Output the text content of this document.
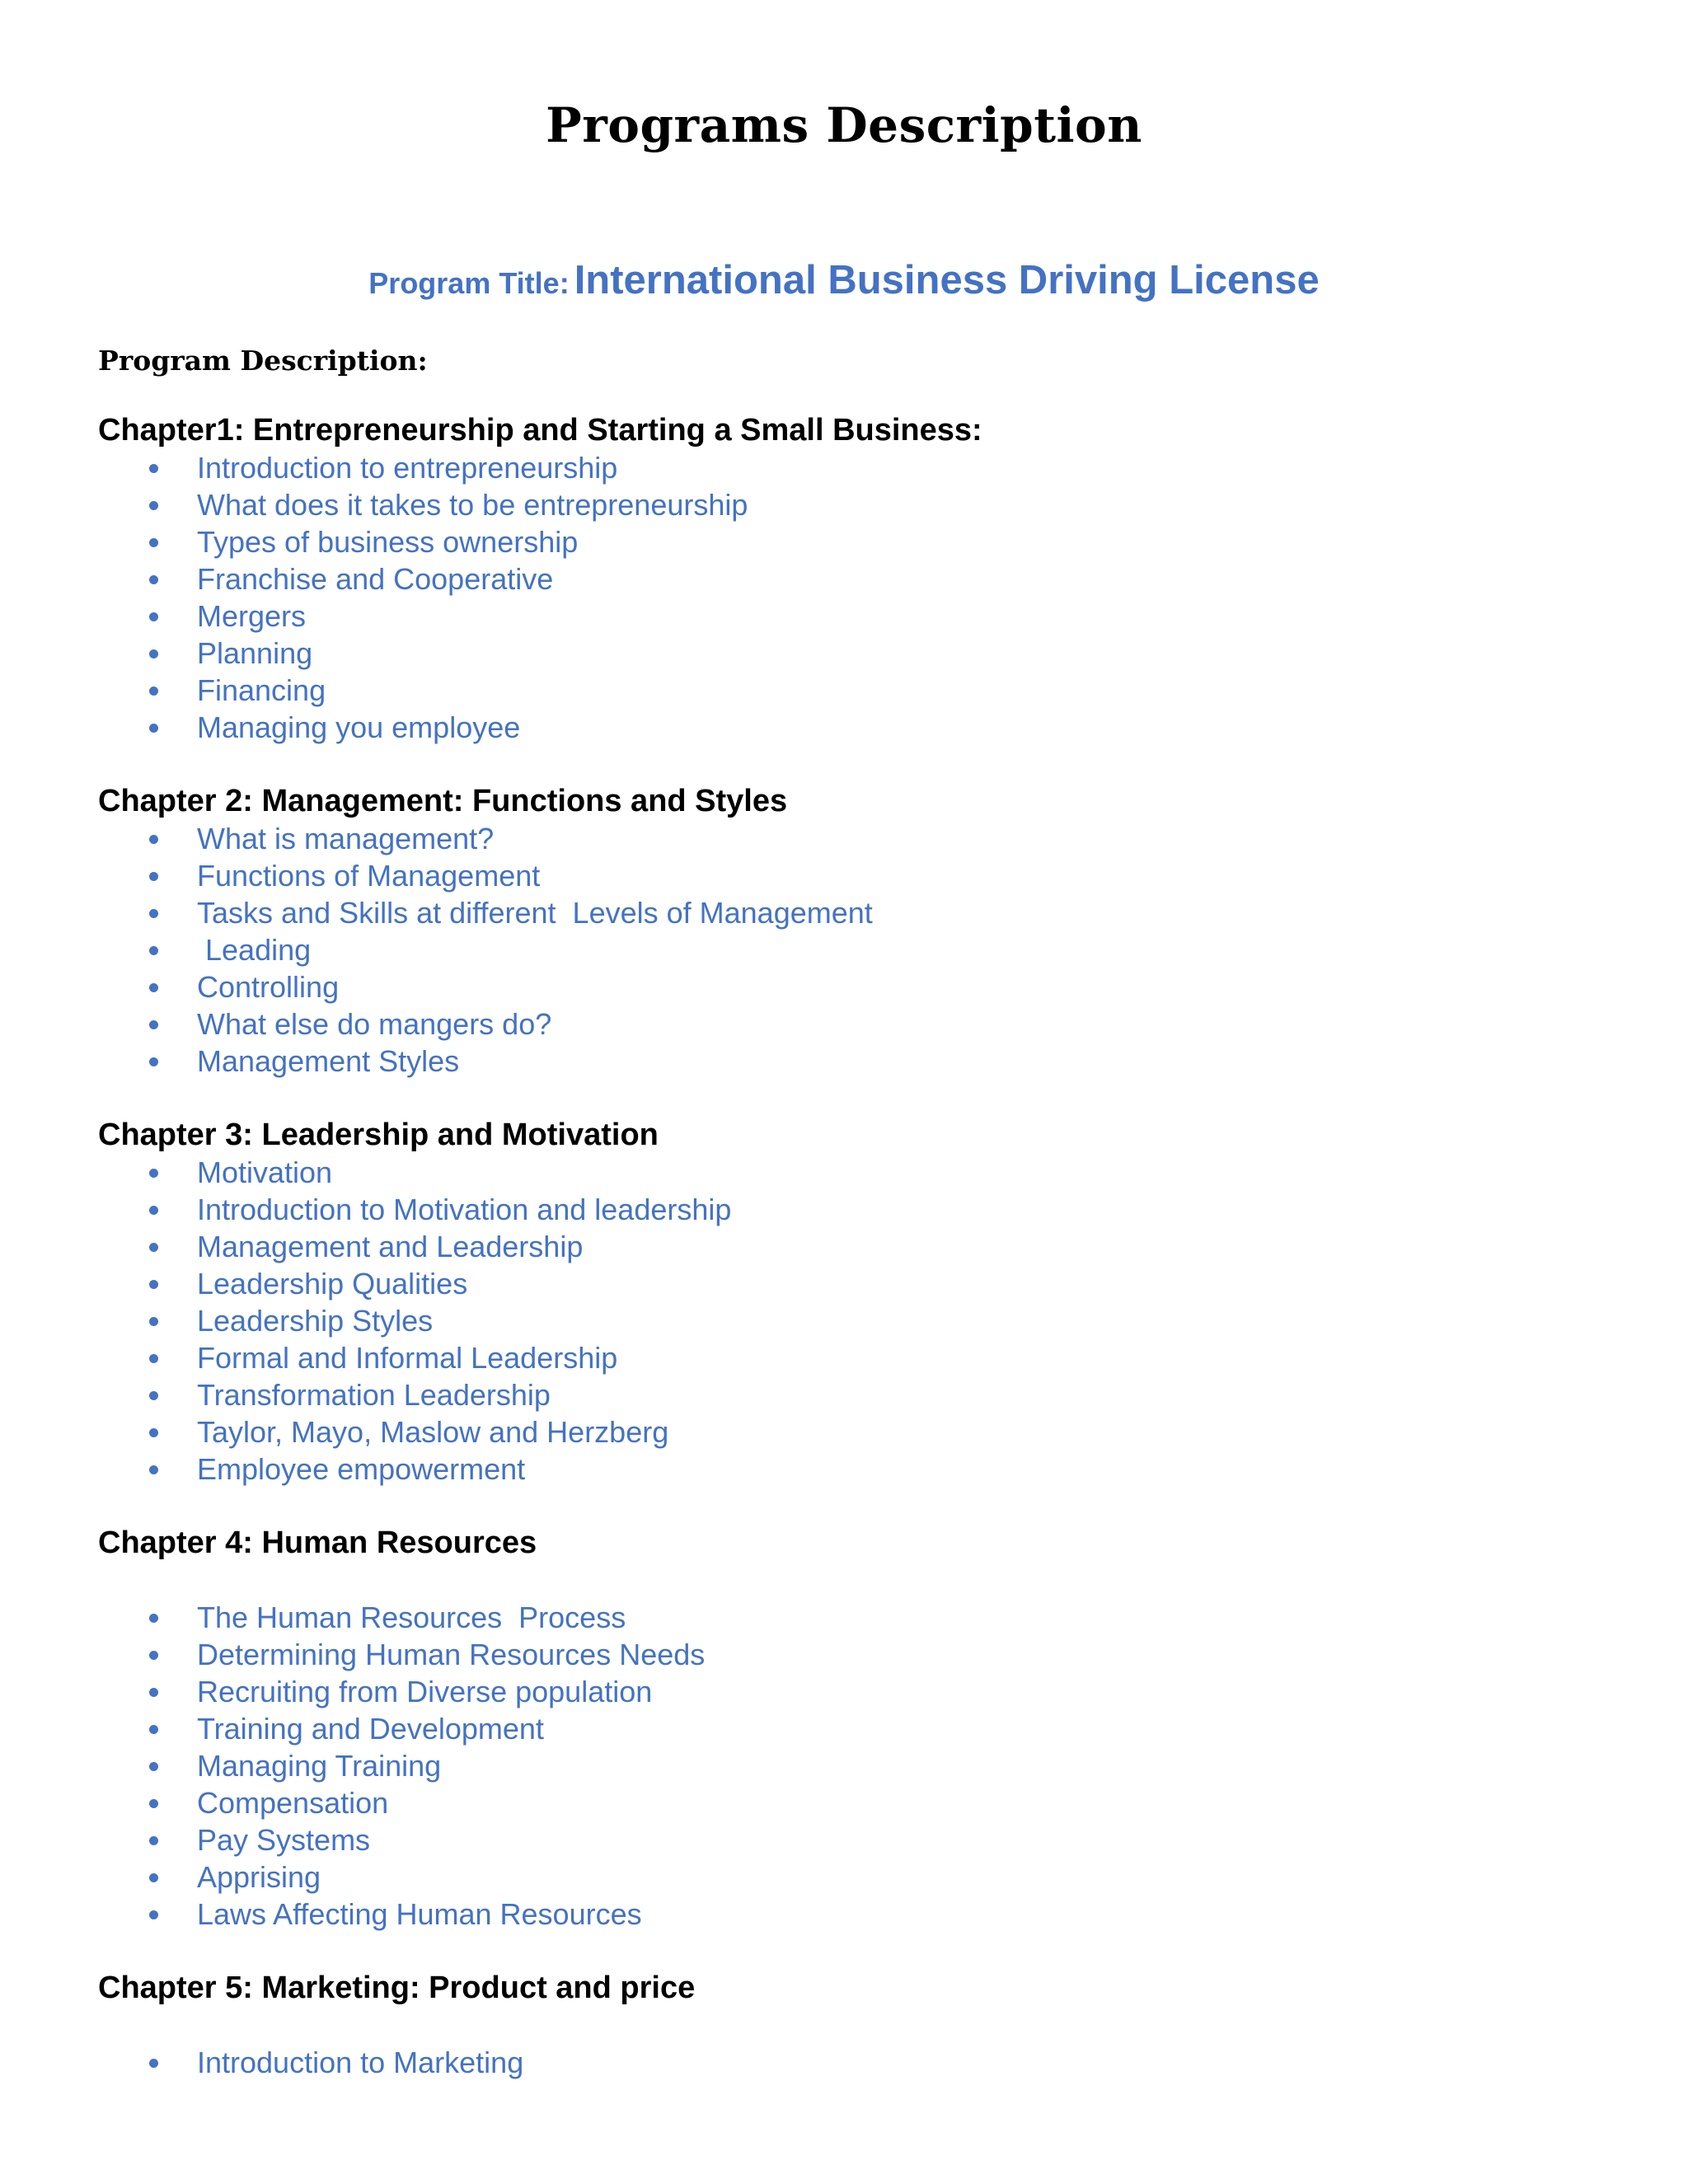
Programs Description
Program Title: International Business Driving License
Program Description:
Chapter1: Entrepreneurship and Starting a Small Business:
Introduction to entrepreneurship
What does it takes to be entrepreneurship
Types of business ownership
Franchise and Cooperative
Mergers
Planning
Financing
Managing you employee
Chapter 2: Management: Functions and Styles
What is management?
Functions of Management
Tasks and Skills at different  Levels of Management
Leading
Controlling
What else do mangers do?
Management Styles
Chapter 3: Leadership and Motivation
Motivation
Introduction to Motivation and leadership
Management and Leadership
Leadership Qualities
Leadership Styles
Formal and Informal Leadership
Transformation Leadership
Taylor, Mayo, Maslow and Herzberg
Employee empowerment
Chapter 4: Human Resources
The Human Resources  Process
Determining Human Resources Needs
Recruiting from Diverse population
Training and Development
Managing Training
Compensation
Pay Systems
Apprising
Laws Affecting Human Resources
Chapter 5: Marketing: Product and price
Introduction to Marketing
